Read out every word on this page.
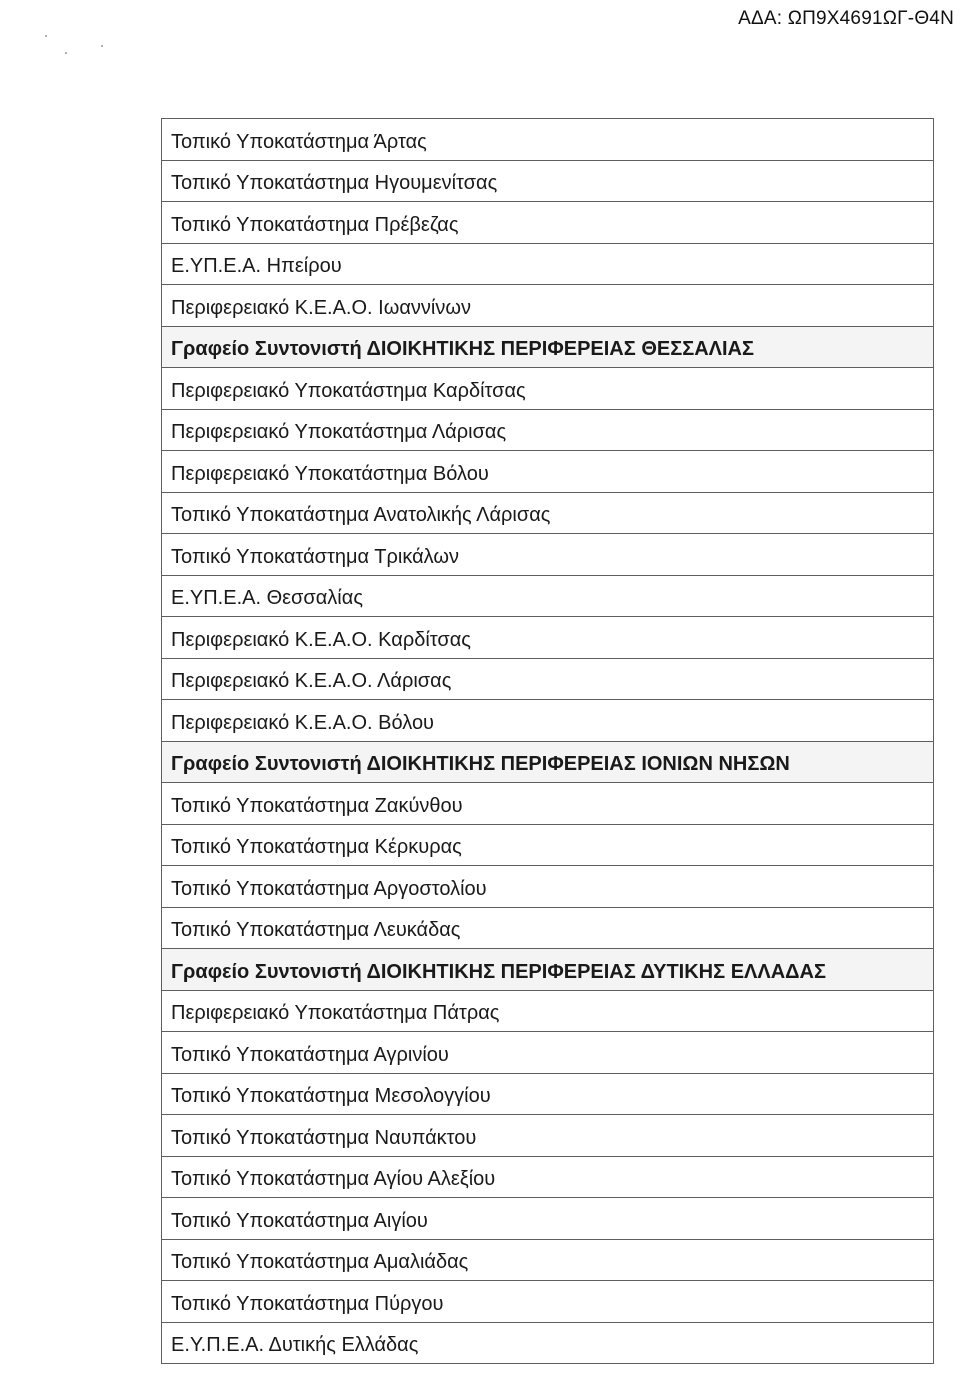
ΑΔΑ: ΩΠ9Χ4691ΩΓ-Θ4Ν
Τοπικό Υποκατάστημα Άρτας
Τοπικό Υποκατάστημα Ηγουμενίτσας
Τοπικό Υποκατάστημα Πρέβεζας
Ε.ΥΠ.Ε.Α. Ηπείρου
Περιφερειακό Κ.Ε.Α.Ο. Ιωαννίνων
Γραφείο Συντονιστή ΔΙΟΙΚΗΤΙΚΗΣ ΠΕΡΙΦΕΡΕΙΑΣ ΘΕΣΣΑΛΙΑΣ
Περιφερειακό Υποκατάστημα Καρδίτσας
Περιφερειακό Υποκατάστημα Λάρισας
Περιφερειακό Υποκατάστημα Βόλου
Τοπικό Υποκατάστημα Ανατολικής Λάρισας
Τοπικό Υποκατάστημα Τρικάλων
Ε.ΥΠ.Ε.Α. Θεσσαλίας
Περιφερειακό Κ.Ε.Α.Ο. Καρδίτσας
Περιφερειακό Κ.Ε.Α.Ο. Λάρισας
Περιφερειακό Κ.Ε.Α.Ο. Βόλου
Γραφείο Συντονιστή ΔΙΟΙΚΗΤΙΚΗΣ ΠΕΡΙΦΕΡΕΙΑΣ ΙΟΝΙΩΝ ΝΗΣΩΝ
Τοπικό Υποκατάστημα Ζακύνθου
Τοπικό Υποκατάστημα Κέρκυρας
Τοπικό Υποκατάστημα Αργοστολίου
Τοπικό Υποκατάστημα Λευκάδας
Γραφείο Συντονιστή ΔΙΟΙΚΗΤΙΚΗΣ ΠΕΡΙΦΕΡΕΙΑΣ ΔΥΤΙΚΗΣ ΕΛΛΑΔΑΣ
Περιφερειακό Υποκατάστημα Πάτρας
Τοπικό Υποκατάστημα Αγρινίου
Τοπικό Υποκατάστημα Μεσολογγίου
Τοπικό Υποκατάστημα Ναυπάκτου
Τοπικό Υποκατάστημα Αγίου Αλεξίου
Τοπικό Υποκατάστημα Αιγίου
Τοπικό Υποκατάστημα Αμαλιάδας
Τοπικό Υποκατάστημα Πύργου
Ε.Υ.Π.Ε.Α. Δυτικής Ελλάδας
